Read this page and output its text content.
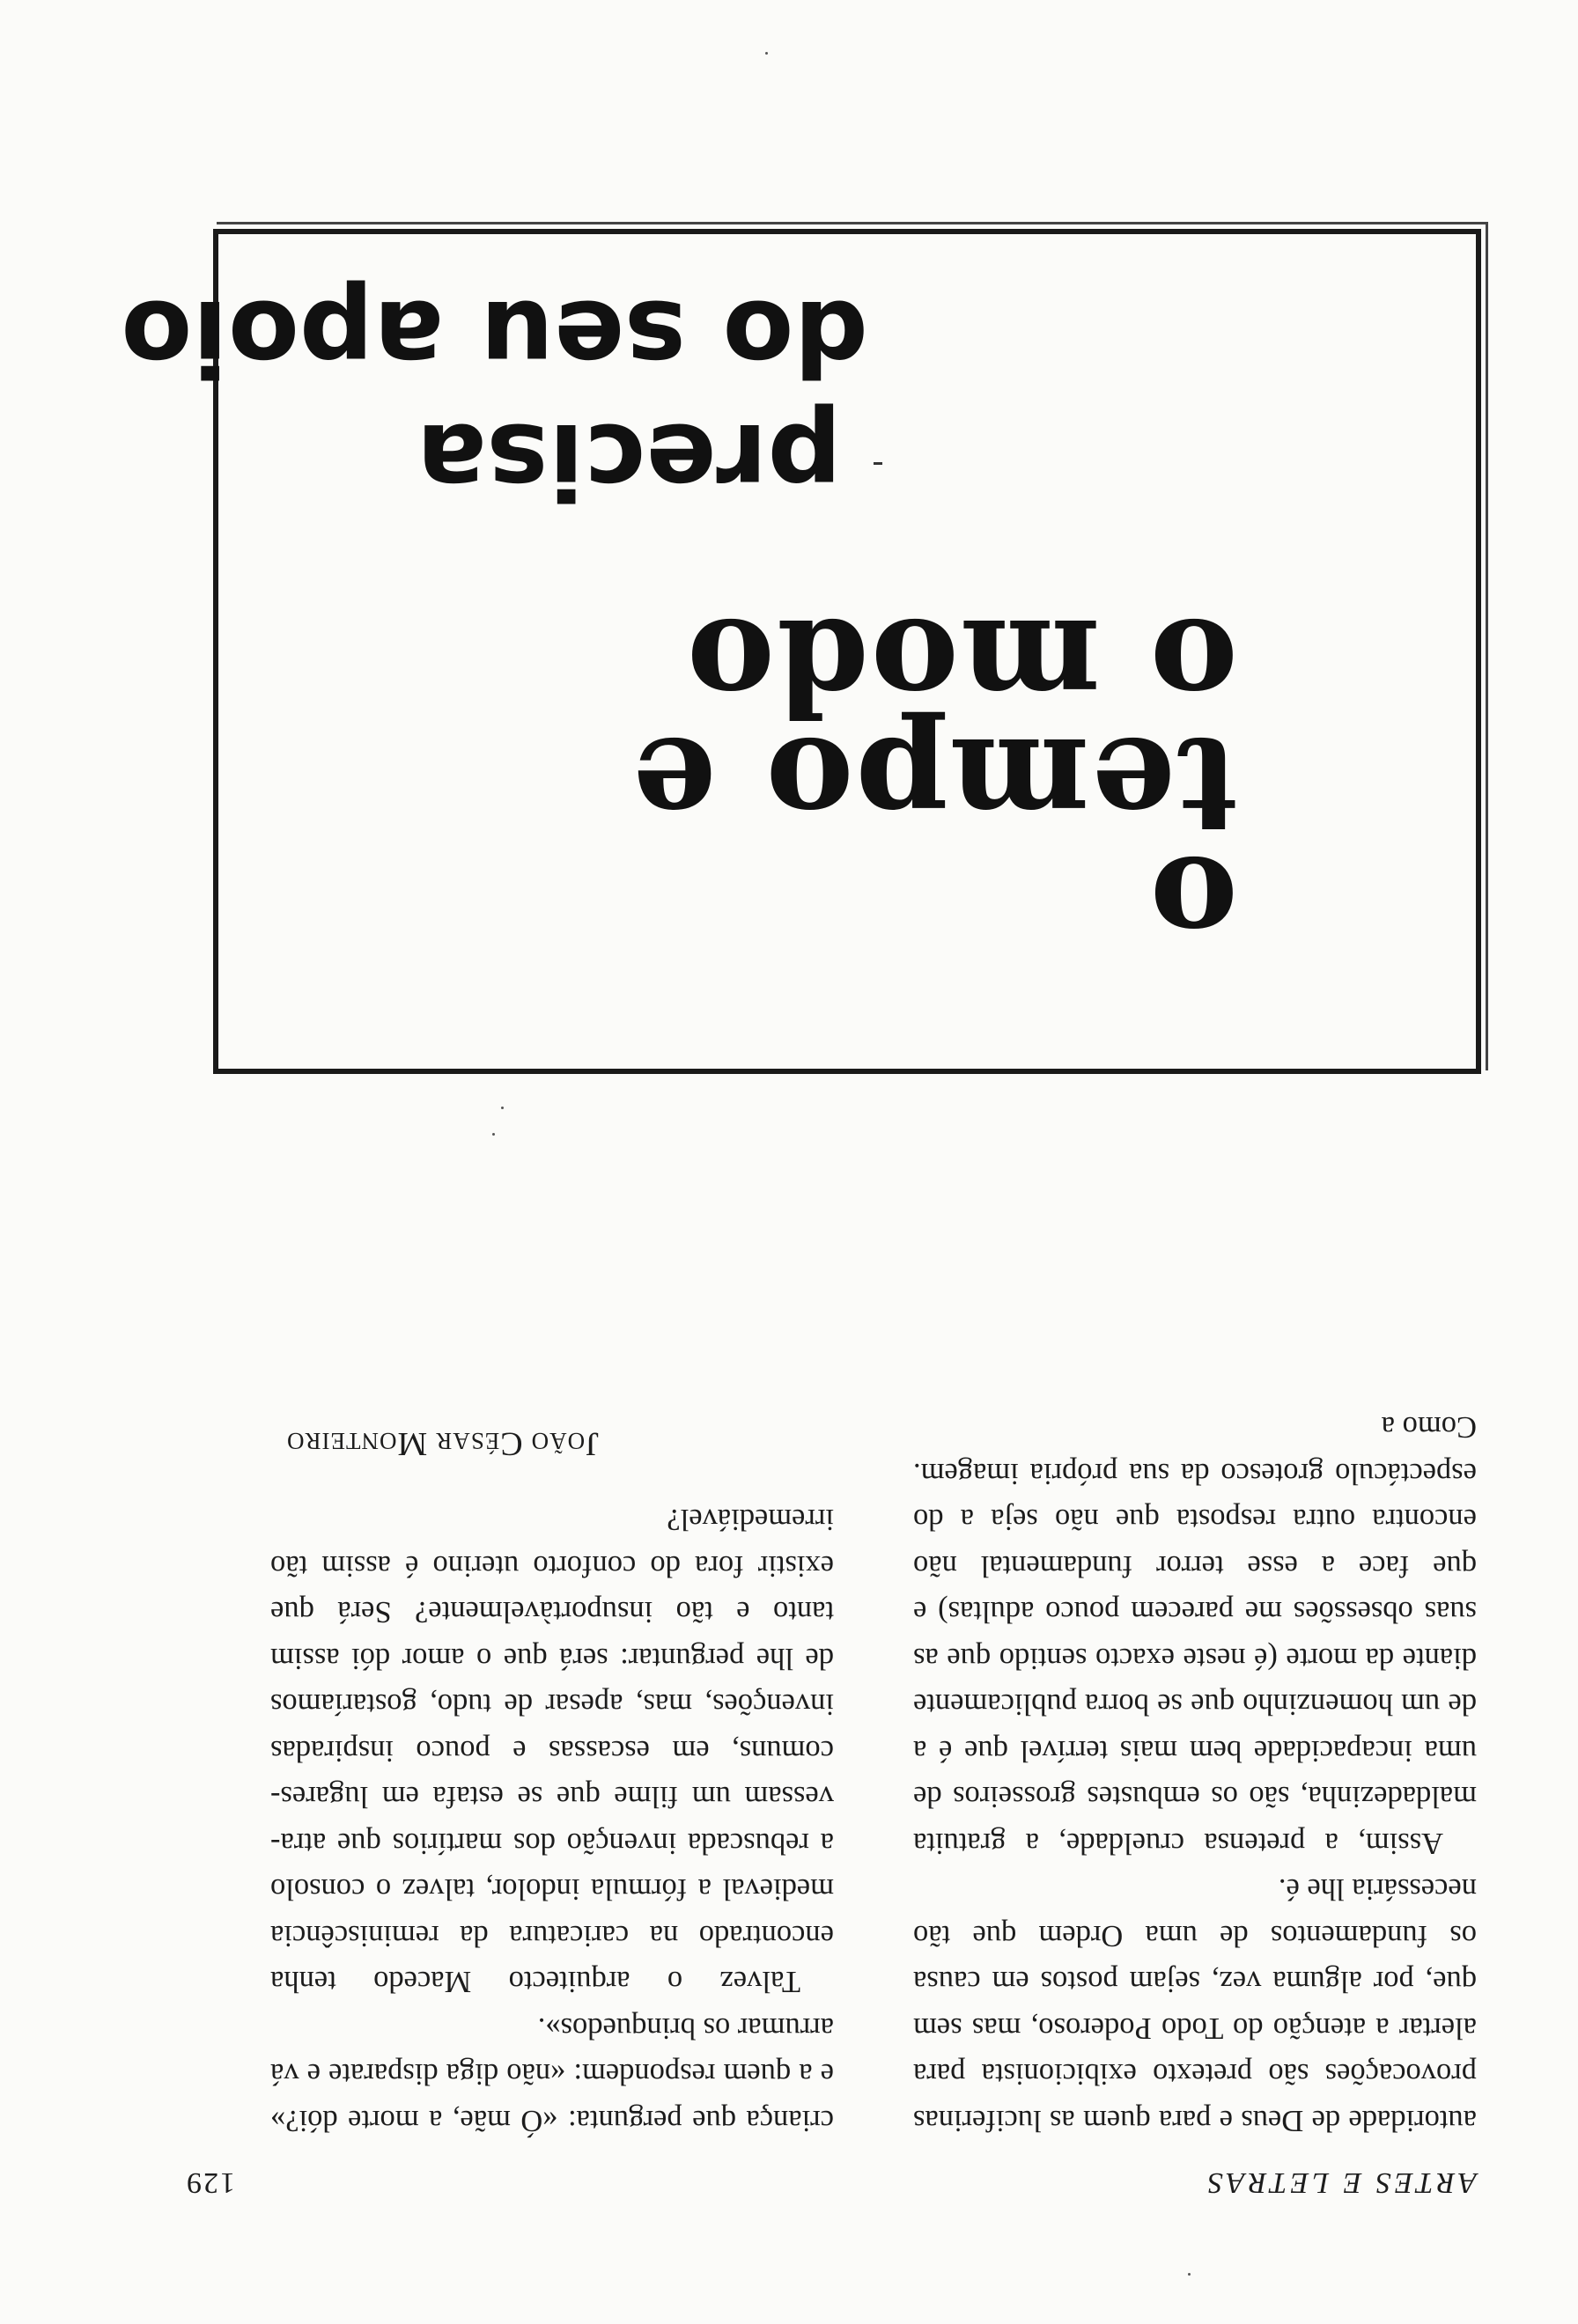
ARTES E LETRAS
129

autoridade de Deus e para quem as luciferinas provocações são pretexto exibicionista para alertar a atenção do Todo Poderoso, mas sem que, por alguma vez, sejam postos em causa os fundamentos de uma Ordem que tão necessária lhe é.

Assim, a pretensa crueldade, a gratuita maldadezinha, são os embustes grosseiros de uma incapacidade bem mais terrível que é a de um homenzinho que se borra publicamente diante da morte (é neste exacto sentido que as suas obsessões me parecem pouco adultas) e que face a esse terror fundamental não encontra outra resposta que não seja a do espectáculo grotesco da sua própria imagem. Como a

criança que pergunta: «Ó mãe, a morte dói?» e a quem respondem: «não diga disparate e vá arrumar os brinquedos».

Talvez o arquitecto Macedo tenha encontrado na caricatura da reminiscência medieval a fórmula indolor, talvez o consolo a rebuscada invenção dos martírios que atravessam um filme que se estafa em lugares-comuns, em escassas e pouco inspiradas invenções, mas, apesar de tudo, gostaríamos de lhe perguntar: será que o amor dói assim tanto e tão insuportàvelmente? Será que existir fora do conforto uterino é assim tão irremediável?

João César Monteiro
o
tempo e
o modo
precisa
do seu apoio
